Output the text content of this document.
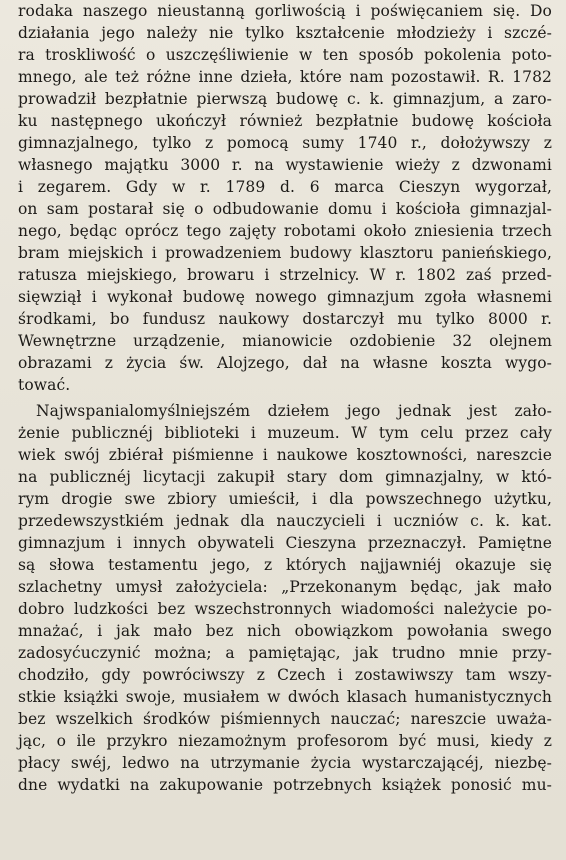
rodaka naszego nieustanną gorliwością i poświęcaniem się. Do
działania jego należy nie tylko kształcenie młodzieży i szczé-
ra troskliwość o uszczęśliwienie w ten sposób pokolenia poto-
mnego, ale też różne inne dzieła, które nam pozostawił. R. 1782
prowadził bezpłatnie pierwszą budowę c. k. gimnazjum, a zaro-
ku następnego ukończył również bezpłatnie budowę kościoła
gimnazjalnego, tylko z pomocą sumy 1740 r., dołożywszy z
własnego majątku 3000 r. na wystawienie wieży z dzwonami
i zegarem. Gdy w r. 1789 d. 6 marca Cieszyn wygorzał,
on sam postarał się o odbudowanie domu i kościoła gimnazjal-
nego, będąc oprócz tego zajęty robotami około zniesienia trzech
bram miejskich i prowadzeniem budowy klasztoru panieńskiego,
ratusza miejskiego, browaru i strzelnicy. W r. 1802 zaś przed-
sięwziął i wykonał budowę nowego gimnazjum zgoła własnemi
środkami, bo fundusz naukowy dostarczył mu tylko 8000 r.
Wewnętrzne urządzenie, mianowicie ozdobienie 32 olejnem
obrazami z życia św. Alojzego, dał na własne koszta wygo-
tować.
Najwspanialomyślniejszém dziełem jego jednak jest zało-
żenie publicznéj biblioteki i muzeum. W tym celu przez cały
wiek swój zbiérał piśmienne i naukowe kosztowności, nareszcie
na publicznéj licytacji zakupił stary dom gimnazjalny, w któ-
rym drogie swe zbiory umieścił, i dla powszechnego użytku,
przedewszystkiém jednak dla nauczycieli i uczniów c. k. kat.
gimnazjum i innych obywateli Cieszyna przeznaczył. Pamiętne
są słowa testamentu jego, z których najjawniéj okazuje się
szlachetny umysł założyciela: „Przekonanym będąc, jak mało
dobro ludzkości bez wszechstronnych wiadomości należycie po-
mnażać, i jak mało bez nich obowiązkom powołania swego
zadosyćuczynić można; a pamiętając, jak trudno mnie przy-
chodziło, gdy powróciwszy z Czech i zostawiwszy tam wszy-
stkie książki swoje, musiałem w dwóch klasach humanistycznych
bez wszelkich środków piśmiennych nauczać; nareszcie uważa-
jąc, o ile przykro niezamożnym profesorom być musi, kiedy z
płacy swéj, ledwo na utrzymanie życia wystarczającéj, niezbę-
dne wydatki na zakupowanie potrzebnych książek ponosić mu-
